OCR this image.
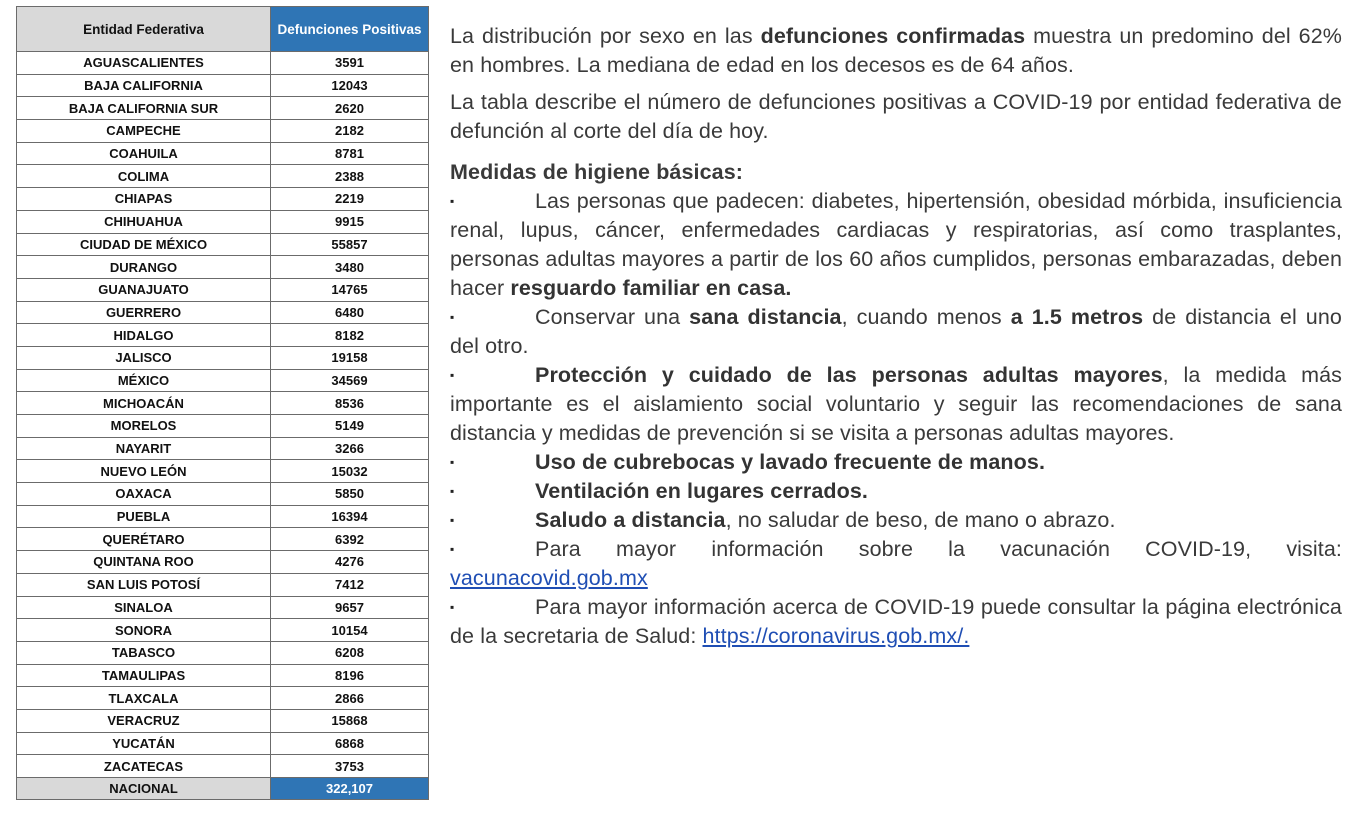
Entidad Federativa	Defunciones Positivas
AGUASCALIENTES	3591
BAJA CALIFORNIA	12043
BAJA CALIFORNIA SUR	2620
CAMPECHE	2182
COAHUILA	8781
COLIMA	2388
CHIAPAS	2219
CHIHUAHUA	9915
CIUDAD DE MÉXICO	55857
DURANGO	3480
GUANAJUATO	14765
GUERRERO	6480
HIDALGO	8182
JALISCO	19158
MÉXICO	34569
MICHOACÁN	8536
MORELOS	5149
NAYARIT	3266
NUEVO LEÓN	15032
OAXACA	5850
PUEBLA	16394
QUERÉTARO	6392
QUINTANA ROO	4276
SAN LUIS POTOSÍ	7412
SINALOA	9657
SONORA	10154
TABASCO	6208
TAMAULIPAS	8196
TLAXCALA	2866
VERACRUZ	15868
YUCATÁN	6868
ZACATECAS	3753
NACIONAL	322,107

La distribución por sexo en las defunciones confirmadas muestra un predomino del 62% en hombres. La mediana de edad en los decesos es de 64 años.

La tabla describe el número de defunciones positivas a COVID-19 por entidad federativa de defunción al corte del día de hoy.

Medidas de higiene básicas:

▪	Las personas que padecen: diabetes, hipertensión, obesidad mórbida, insuficiencia renal, lupus, cáncer, enfermedades cardiacas y respiratorias, así como trasplantes, personas adultas mayores a partir de los 60 años cumplidos, personas embarazadas, deben hacer resguardo familiar en casa.

▪	Conservar una sana distancia, cuando menos a 1.5 metros de distancia el uno del otro.

▪	Protección y cuidado de las personas adultas mayores, la medida más importante es el aislamiento social voluntario y seguir las recomendaciones de sana distancia y medidas de prevención si se visita a personas adultas mayores.

▪	Uso de cubrebocas y lavado frecuente de manos.

▪	Ventilación en lugares cerrados.

▪	Saludo a distancia, no saludar de beso, de mano o abrazo.

▪	Para mayor información sobre la vacunación COVID-19, visita: vacunacovid.gob.mx

▪	Para mayor información acerca de COVID-19 puede consultar la página electrónica de la secretaria de Salud: https://coronavirus.gob.mx/.
